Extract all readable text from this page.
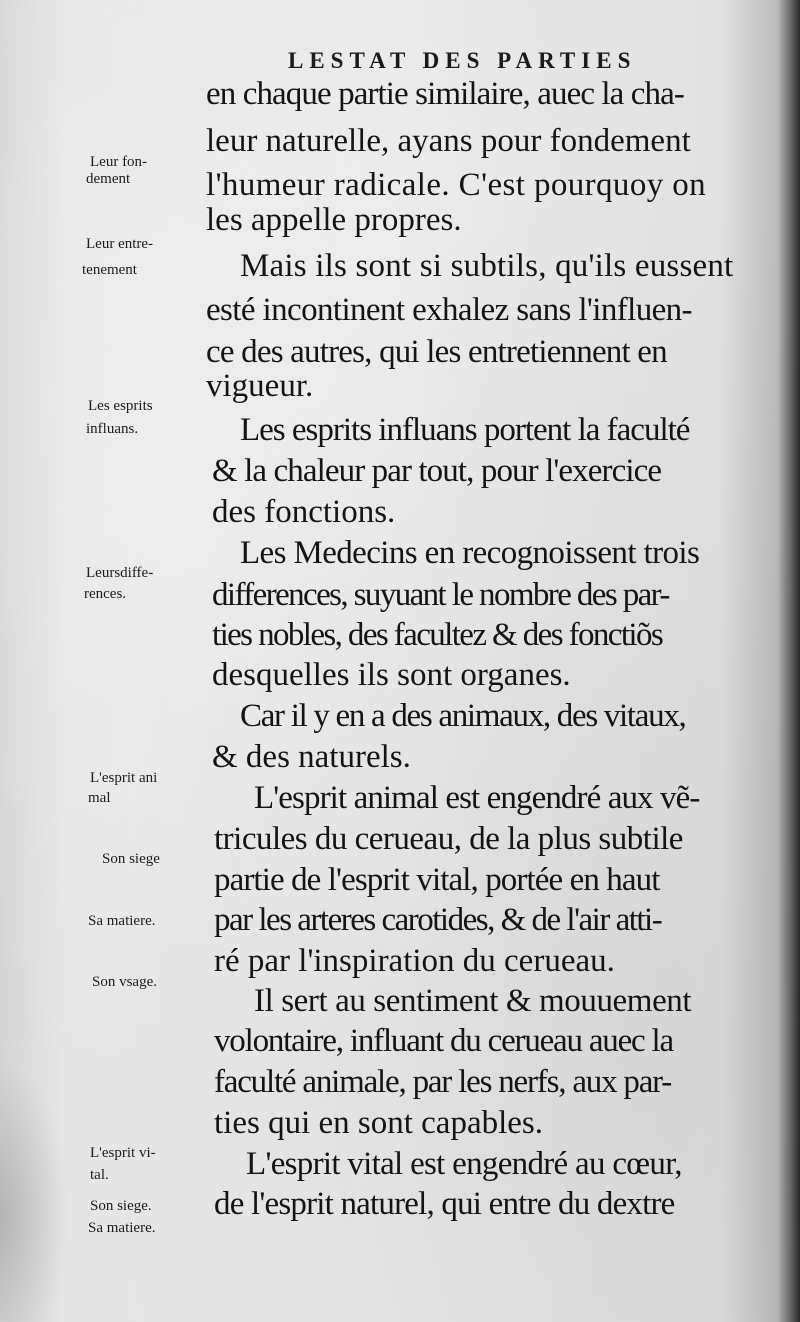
LESTAT DES PARTIES
en chaque partie similaire, auec la cha-
leur naturelle, ayans pour fondement
l'humeur radicale. C'est pourquoy on
les appelle propres.
Mais ils sont si subtils, qu'ils eussent
esté incontinent exhalez sans l'influen-
ce des autres, qui les entretiennent en
vigueur.
Les esprits influans portent la faculté
& la chaleur par tout, pour l'exercice
des fonctions.
Les Medecins en recognoissent trois
differences, suyuant le nombre des par-
ties nobles, des facultez & des fonctiõs
desquelles ils sont organes.
Car il y en a des animaux, des vitaux,
& des naturels.
L'esprit animal est engendré aux vẽ-
tricules du cerueau, de la plus subtile
partie de l'esprit vital, portée en haut
par les arteres carotides, & de l'air atti-
ré par l'inspiration du cerueau.
Il sert au sentiment & mouuement
volontaire, influant du cerueau auec la
faculté animale, par les nerfs, aux par-
ties qui en sont capables.
L'esprit vital est engendré au cœur,
de l'esprit naturel, qui entre du dextre
Leur fon-
dement
Leur entre-
tenement
Les esprits
influans.
Leursdiffe-
rences.
L'esprit ani
mal
Son siege
Sa matiere.
Son vsage.
L'esprit vi-
tal.
Son siege.
Sa matiere.
